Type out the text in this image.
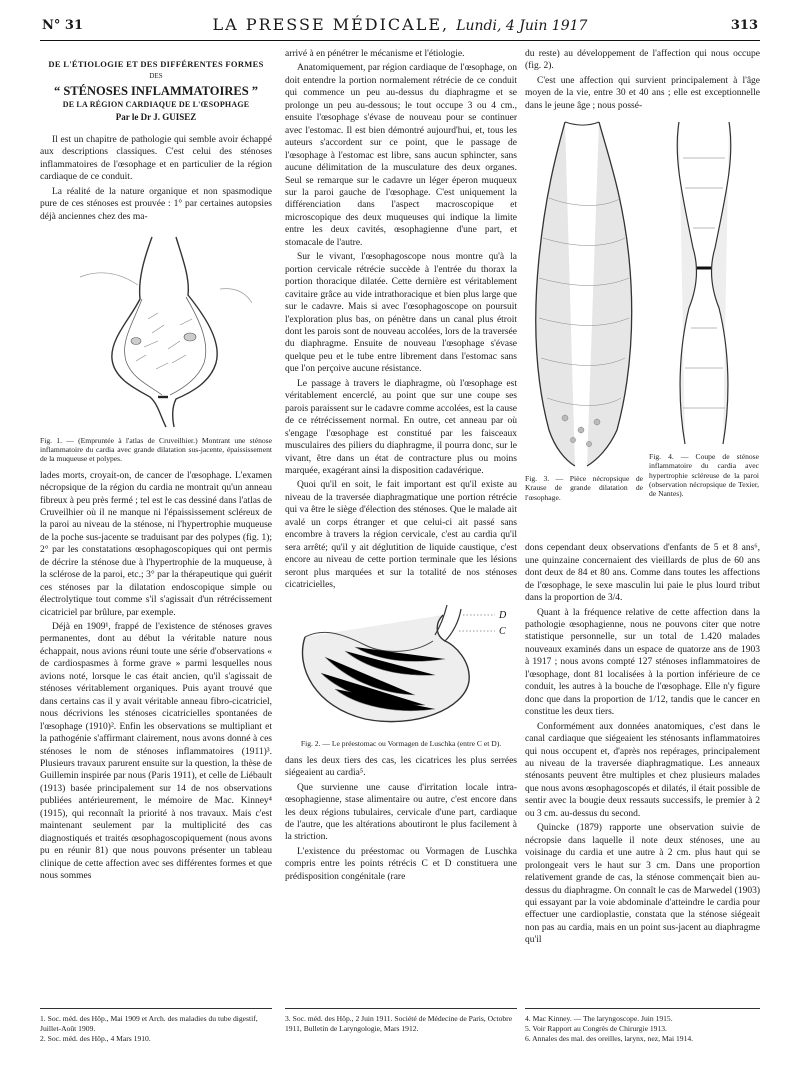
N° 31	LA PRESSE MÉDICALE, Lundi, 4 Juin 1917	313
DE L'ÉTIOLOGIE ET DES DIFFÉRENTES FORMES
DES
“ STÉNOSES INFLAMMATOIRES ”
DE LA RÉGION CARDIAQUE DE L'ŒSOPHAGE
Par le Dr J. GUISEZ

Il est un chapitre de pathologie qui semble avoir échappé aux descriptions classiques. C'est celui des sténoses inflammatoires de l'œsophage et en particulier de la région cardiaque de ce conduit.

La réalité de la nature organique et non spasmodique pure de ces sténoses est prouvée : 1° par certaines autopsies déjà anciennes chez des ma-

Fig. 1. — (Empruntée à l'atlas de Cruveilhier.) Montrant une sténose inflammatoire du cardia avec grande dilatation sus-jacente, épaississement de la muqueuse et polypes.

lades morts, croyait-on, de cancer de l'œsophage. L'examen nécropsique de la région du cardia ne montrait qu'un anneau fibreux à peu près fermé ; tel est le cas dessiné dans l'atlas de Cruveilhier où il ne manque ni l'épaississement scléreux de la paroi au niveau de la sténose, ni l'hypertrophie muqueuse de la poche sus-jacente se traduisant par des polypes (fig. 1); 2° par les constatations œsophagoscopiques qui ont permis de décrire la sténose due à l'hypertrophie de la muqueuse, à la sclérose de la paroi, etc.; 3° par la thérapeutique qui guérit ces sténoses par la dilatation endoscopique simple ou électrolytique tout comme s'il s'agissait d'un rétrécissement cicatriciel par brûlure, par exemple.

Déjà en 1909¹, frappé de l'existence de sténoses graves permanentes, dont au début la véritable nature nous échappait, nous avions réuni toute une série d'observations « de cardiospasmes à forme grave » parmi lesquelles nous avions noté, lorsque le cas était ancien, qu'il s'agissait de sténoses véritablement organiques. Puis ayant trouvé que dans certains cas il y avait véritable anneau fibro-cicatriciel, nous décrivions les sténoses cicatricielles spontanées de l'œsophage (1910)². Enfin les observations se multipliant et la pathogénie s'affirmant clairement, nous avons donné à ces sténoses le nom de sténoses inflammatoires (1911)³. Plusieurs travaux parurent ensuite sur la question, la thèse de Guillemin inspirée par nous (Paris 1911), et celle de Liébault (1913) basée principalement sur 14 de nos observations publiées antérieurement, le mémoire de Mac. Kinney⁴ (1915), qui reconnaît la priorité à nos travaux. Mais c'est maintenant seulement par la multiplicité des cas diagnostiqués et traités œsophagoscopiquement (nous avons pu en réunir 81) que nous pouvons présenter un tableau clinique de cette affection avec ses différentes formes et que nous sommes

arrivé à en pénétrer le mécanisme et l'étiologie.

Anatomiquement, par région cardiaque de l'œsophage, on doit entendre la portion normalement rétrécie de ce conduit qui commence un peu au-dessus du diaphragme et se prolonge un peu au-dessous; le tout occupe 3 ou 4 cm., ensuite l'œsophage s'évase de nouveau pour se continuer avec l'estomac. Il est bien démontré aujourd'hui, et, tous les auteurs s'accordent sur ce point, que le passage de l'œsophage à l'estomac est libre, sans aucun sphincter, sans aucune délimitation de la musculature des deux organes. Seul se remarque sur le cadavre un léger éperon muqueux sur la paroi gauche de l'œsophage. C'est uniquement la différenciation dans l'aspect macroscopique et microscopique des deux muqueuses qui indique la limite entre les deux cavités, œsophagienne d'une part, et stomacale de l'autre.

Sur le vivant, l'œsophagoscope nous montre qu'à la portion cervicale rétrécie succède à l'entrée du thorax la portion thoracique dilatée. Cette dernière est véritablement cavitaire grâce au vide intrathoracique et bien plus large que sur le cadavre. Mais si avec l'œsophagoscope on poursuit l'exploration plus bas, on pénètre dans un canal plus étroit dont les parois sont de nouveau accolées, lors de la traversée du diaphragme. Ensuite de nouveau l'œsophage s'évase quelque peu et le tube entre librement dans l'estomac sans que l'on perçoive aucune résistance.

Le passage à travers le diaphragme, où l'œsophage est véritablement encerclé, au point que sur une coupe ses parois paraissent sur le cadavre comme accolées, est la cause de ce rétrécissement normal. En outre, cet anneau par où s'engage l'œsophage est constitué par les faisceaux musculaires des piliers du diaphragme, il pourra donc, sur le vivant, être dans un état de contracture plus ou moins marquée, exagérant ainsi la disposition cadavérique.

Quoi qu'il en soit, le fait important est qu'il existe au niveau de la traversée diaphragmatique une portion rétrécie qui va être le siège d'élection des sténoses. Que le malade ait avalé un corps étranger et que celui-ci ait passé sans encombre à travers la région cervicale, c'est au cardia qu'il sera arrêté; qu'il y ait déglutition de liquide caustique, c'est encore au niveau de cette portion terminale que les lésions seront plus marquées et sur la totalité de nos sténoses cicatricielles,

D
C

Fig. 2. — Le préestomac ou Vormagen de Luschka (entre C et D).

dans les deux tiers des cas, les cicatrices les plus serrées siégeaient au cardia⁵.

Que survienne une cause d'irritation locale intra-œsophagienne, stase alimentaire ou autre, c'est encore dans les deux régions tubulaires, cervicale d'une part, cardiaque de l'autre, que les altérations aboutiront le plus facilement à la striction.

L'existence du préestomac ou Vormagen de Luschka compris entre les points rétrécis C et D constituera une prédisposition congénitale (rare

du reste) au développement de l'affection qui nous occupe (fig. 2).

C'est une affection qui survient principalement à l'âge moyen de la vie, entre 30 et 40 ans ; elle est exceptionnelle dans le jeune âge ; nous possé-

Fig. 3. — Pièce nécropsique de Krause de grande dilatation de l'œsophage.
Fig. 4. — Coupe de sténose inflammatoire du cardia avec hypertrophie scléreuse de la paroi (observation nécropsique de Texier, de Nantes).

dons cependant deux observations d'enfants de 5 et 8 ans⁶, une quinzaine concernaient des vieillards de plus de 60 ans dont deux de 84 et 80 ans. Comme dans toutes les affections de l'œsophage, le sexe masculin lui paie le plus lourd tribut dans la proportion de 3/4.

Quant à la fréquence relative de cette affection dans la pathologie œsophagienne, nous ne pouvons citer que notre statistique personnelle, sur un total de 1.420 malades nouveaux examinés dans un espace de quatorze ans de 1903 à 1917 ; nous avons compté 127 sténoses inflammatoires de l'œsophage, dont 81 localisées à la portion inférieure de ce conduit, les autres à la bouche de l'œsophage. Elle n'y figure donc que dans la proportion de 1/12, tandis que le cancer en constitue les deux tiers.

Conformément aux données anatomiques, c'est dans le canal cardiaque que siégeaient les sténosants inflammatoires qui nous occupent et, d'après nos repérages, principalement au niveau de la traversée diaphragmatique. Les anneaux sténosants peuvent être multiples et chez plusieurs malades que nous avons œsophagoscopés et dilatés, il était possible de sentir avec la bougie deux ressauts successifs, le premier à 2 ou 3 cm. au-dessus du second.

Quincke (1879) rapporte une observation suivie de nécropsie dans laquelle il note deux sténoses, une au voisinage du cardia et une autre à 2 cm. plus haut qui se prolongeait vers le haut sur 3 cm. Dans une proportion relativement grande de cas, la sténose commençait bien au-dessus du diaphragme. On connaît le cas de Marwedel (1903) qui essayant par la voie abdominale d'atteindre le cardia pour effectuer une cardioplastie, constata que la sténose siégeait non pas au cardia, mais en un point sus-jacent au diaphragme qu'il

1. Soc. méd. des Hôp., Mai 1909 et Arch. des maladies du tube digestif, Juillet-Août 1909.
2. Soc. méd. des Hôp., 4 Mars 1910.
3. Soc. méd. des Hôp., 2 Juin 1911. Société de Médecine de Paris, Octobre 1911, Bulletin de Laryngologie, Mars 1912.
4. Mac Kinney. — The laryngoscope. Juin 1915.
5. Voir Rapport au Congrès de Chirurgie 1913.
6. Annales des mal. des oreilles, larynx, nez, Mai 1914.
